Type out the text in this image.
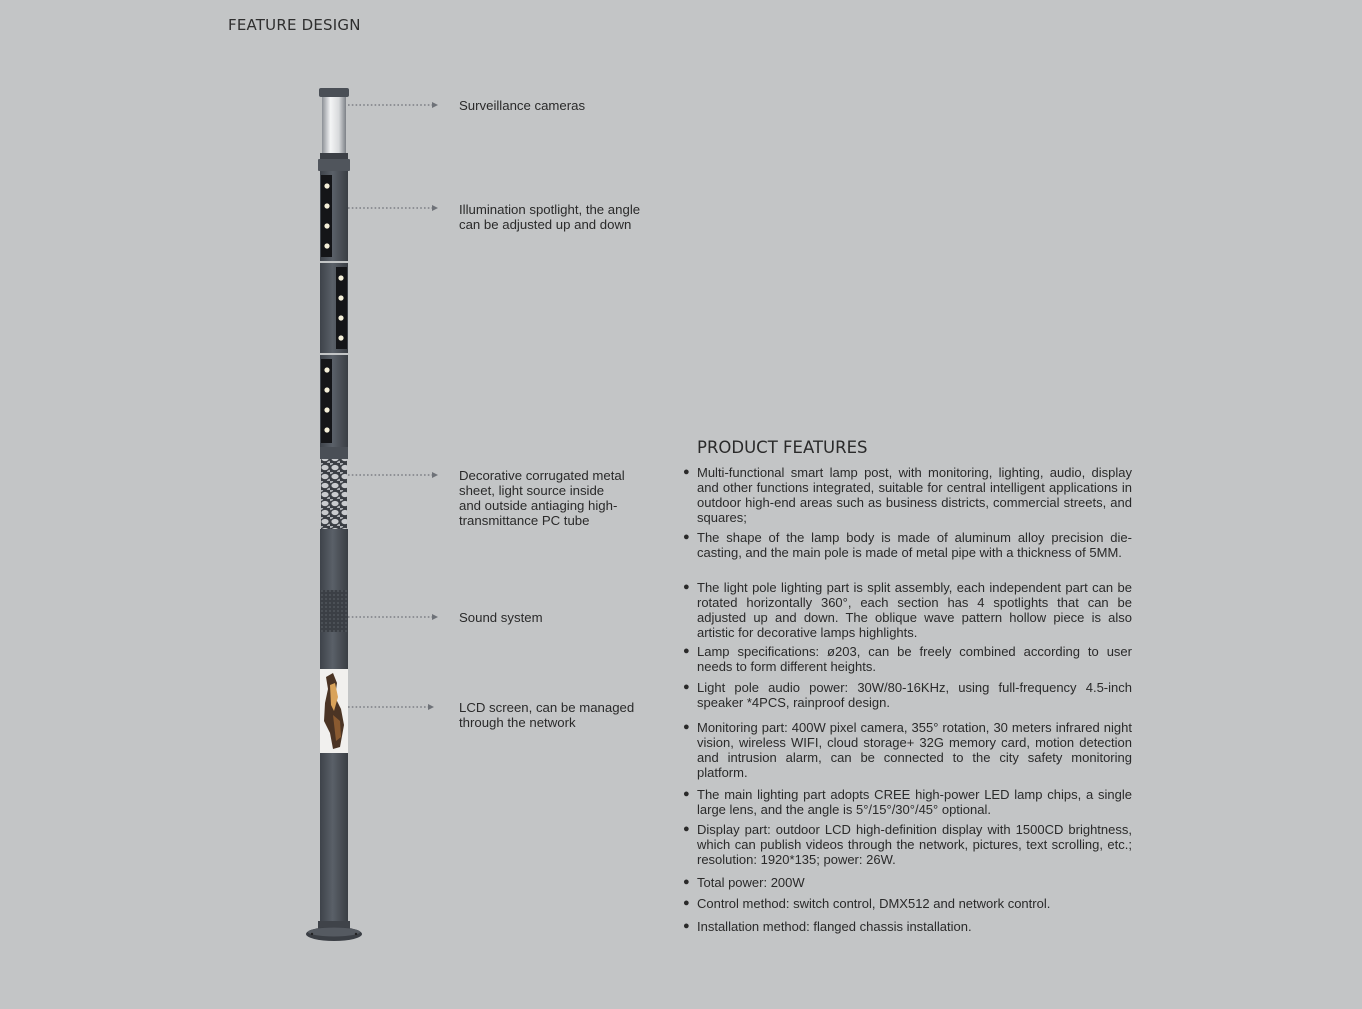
FEATURE DESIGN
Surveillance cameras
Illumination spotlight, the angle
can be adjusted up and down
Decorative corrugated metal
sheet, light source inside
and outside antiaging high-
transmittance PC tube
Sound system
LCD screen, can be managed
through the network
PRODUCT FEATURES
● Multi-functional smart lamp post, with monitoring, lighting, audio, display and other functions integrated, suitable for central intelligent applications in outdoor high-end areas such as business districts, commercial streets, and squares;
● The shape of the lamp body is made of aluminum alloy precision die-casting, and the main pole is made of metal pipe with a thickness of 5MM.
● The light pole lighting part is split assembly, each independent part can be rotated horizontally 360°, each section has 4 spotlights that can be adjusted up and down. The oblique wave pattern hollow piece is also artistic for decorative lamps highlights.
● Lamp specifications: ø203, can be freely combined according to user needs to form different heights.
● Light pole audio power: 30W/80-16KHz, using full-frequency 4.5-inch speaker *4PCS, rainproof design.
● Monitoring part: 400W pixel camera, 355° rotation, 30 meters infrared night vision, wireless WIFI, cloud storage+ 32G memory card, motion detection and intrusion alarm, can be connected to the city safety monitoring platform.
● The main lighting part adopts CREE high-power LED lamp chips, a single large lens, and the angle is 5°/15°/30°/45° optional.
● Display part: outdoor LCD high-definition display with 1500CD brightness, which can publish videos through the network, pictures, text scrolling, etc.; resolution: 1920*135; power: 26W.
● Total power: 200W
● Control method: switch control, DMX512 and network control.
● Installation method: flanged chassis installation.
